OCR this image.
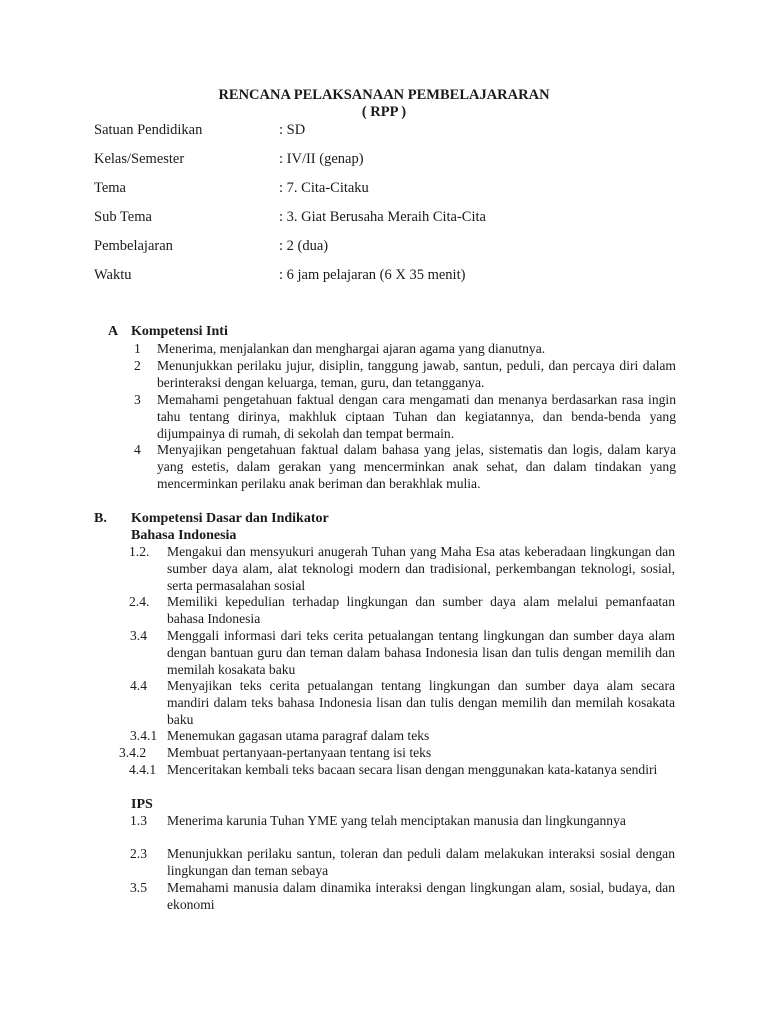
RENCANA PELAKSANAAN PEMBELAJARARAN
( RPP )
Satuan Pendidikan	: SD
Kelas/Semester	: IV/II (genap)
Tema	: 7. Cita-Citaku
Sub Tema	: 3. Giat Berusaha Meraih Cita-Cita
Pembelajaran	: 2 (dua)
Waktu	: 6 jam pelajaran (6 X 35 menit)
A Kompetensi Inti
1 Menerima, menjalankan dan menghargai ajaran agama yang dianutnya.
2 Menunjukkan perilaku jujur, disiplin, tanggung jawab, santun, peduli, dan percaya diri dalam berinteraksi dengan keluarga, teman, guru, dan tetangganya.
3 Memahami pengetahuan faktual dengan cara mengamati dan menanya berdasarkan rasa ingin tahu tentang dirinya, makhluk ciptaan Tuhan dan kegiatannya, dan benda-benda yang dijumpainya di rumah, di sekolah dan tempat bermain.
4 Menyajikan pengetahuan faktual dalam bahasa yang jelas, sistematis dan logis, dalam karya yang estetis, dalam gerakan yang mencerminkan anak sehat, dan dalam tindakan yang mencerminkan perilaku anak beriman dan berakhlak mulia.
B. Kompetensi Dasar dan Indikator
Bahasa Indonesia
1.2. Mengakui dan mensyukuri anugerah Tuhan yang Maha Esa atas keberadaan lingkungan dan sumber daya alam, alat teknologi modern dan tradisional, perkembangan teknologi, sosial, serta permasalahan sosial
2.4. Memiliki kepedulian terhadap lingkungan dan sumber daya alam melalui pemanfaatan bahasa Indonesia
3.4 Menggali informasi dari teks cerita petualangan tentang lingkungan dan sumber daya alam dengan bantuan guru dan teman dalam bahasa Indonesia lisan dan tulis dengan memilih dan memilah kosakata baku
4.4 Menyajikan teks cerita petualangan tentang lingkungan dan sumber daya alam secara mandiri dalam teks bahasa Indonesia lisan dan tulis dengan memilih dan memilah kosakata baku
3.4.1 Menemukan gagasan utama paragraf dalam teks
3.4.2 Membuat pertanyaan-pertanyaan tentang isi teks
4.4.1 Menceritakan kembali teks bacaan secara lisan dengan menggunakan kata-katanya sendiri
IPS
1.3 Menerima karunia Tuhan YME yang telah menciptakan manusia dan lingkungannya
2.3 Menunjukkan perilaku santun, toleran dan peduli dalam melakukan interaksi sosial dengan lingkungan dan teman sebaya
3.5 Memahami manusia dalam dinamika interaksi dengan lingkungan alam, sosial, budaya, dan ekonomi
